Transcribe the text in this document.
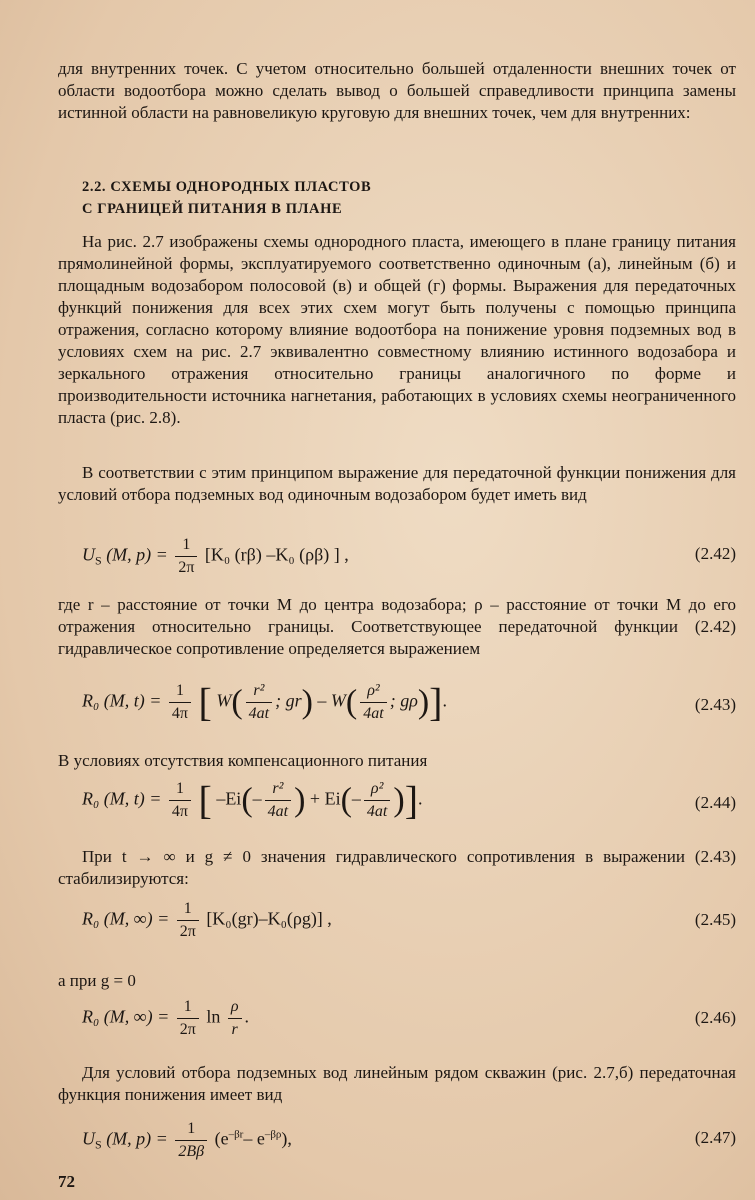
для внутренних точек. С учетом относительно большей отдаленности внешних точек от области водоотбора можно сделать вывод о большей справедливости принципа замены истинной области на равновеликую круговую для внешних точек, чем для внутренних:

2.2. СХЕМЫ ОДНОРОДНЫХ ПЛАСТОВ
С ГРАНИЦЕЙ ПИТАНИЯ В ПЛАНЕ

На рис. 2.7 изображены схемы однородного пласта, имеющего в плане границу питания прямолинейной формы, эксплуатируемого соответственно одиночным (а), линейным (б) и площадным водозабором полосовой (в) и общей (г) формы. Выражения для передаточных функций понижения для всех этих схем могут быть получены с помощью принципа отражения, согласно которому влияние водоотбора на понижение уровня подземных вод в условиях схем на рис. 2.7 эквивалентно совместному влиянию истинного водозабора и зеркального отражения относительно границы аналогичного по форме и производительности источника нагнетания, работающих в условиях схемы неограниченного пласта (рис. 2.8).

В соответствии с этим принципом выражение для передаточной функции понижения для условий отбора подземных вод одиночным водозабором будет иметь вид

$U_S$ (M, $p) = \frac{1}{2\pi} [K_0$ (rβ) –K₀ (ρβ) ] ,	(2.42)

где r – расстояние от точки M до центра водозабора; ρ – расстояние от точки M до его отражения относительно границы. Соответствующее передаточной функции (2.42) гидравлическое сопротивление определяется выражением

R₀ (M, $t) = \frac{1}{4\pi}$ [ $W( \frac{\text{r²}}{4at}$ ; $gr) - W( \frac{\text{ρ²}}{4at}$ ; gρ)].	(2.43)

В условиях отсутствия компенсационного питания

R₀ (M, $t) = \frac{1}{4\pi}$ [ $-Ei(- \frac{\text{r²}}{4at}$ ) + $Ei(- \frac{\text{ρ²}}{4at}$ )].	(2.44)

При t → ∞ и g ≠ 0 значения гидравлического сопротивления в выражении (2.43) стабилизируются:

R₀ (M, ∞) = $\frac{1}{2\pi} [K_0(gr)-K_0(\rho g)]$ ,	(2.45)

а при g = 0

R₀ (M, ∞) = $\frac{1}{2\pi}$ $\ln \frac{\rho}{r}$ .	(2.46)

Для условий отбора подземных вод линейным рядом скважин (рис. 2.7,б) передаточная функция понижения имеет вид

$U_S$ (M, $p) = \frac{1}{2B\beta} (e^{-\beta r}-$ $e^{-\beta\rho}$),	(2.47)
72
